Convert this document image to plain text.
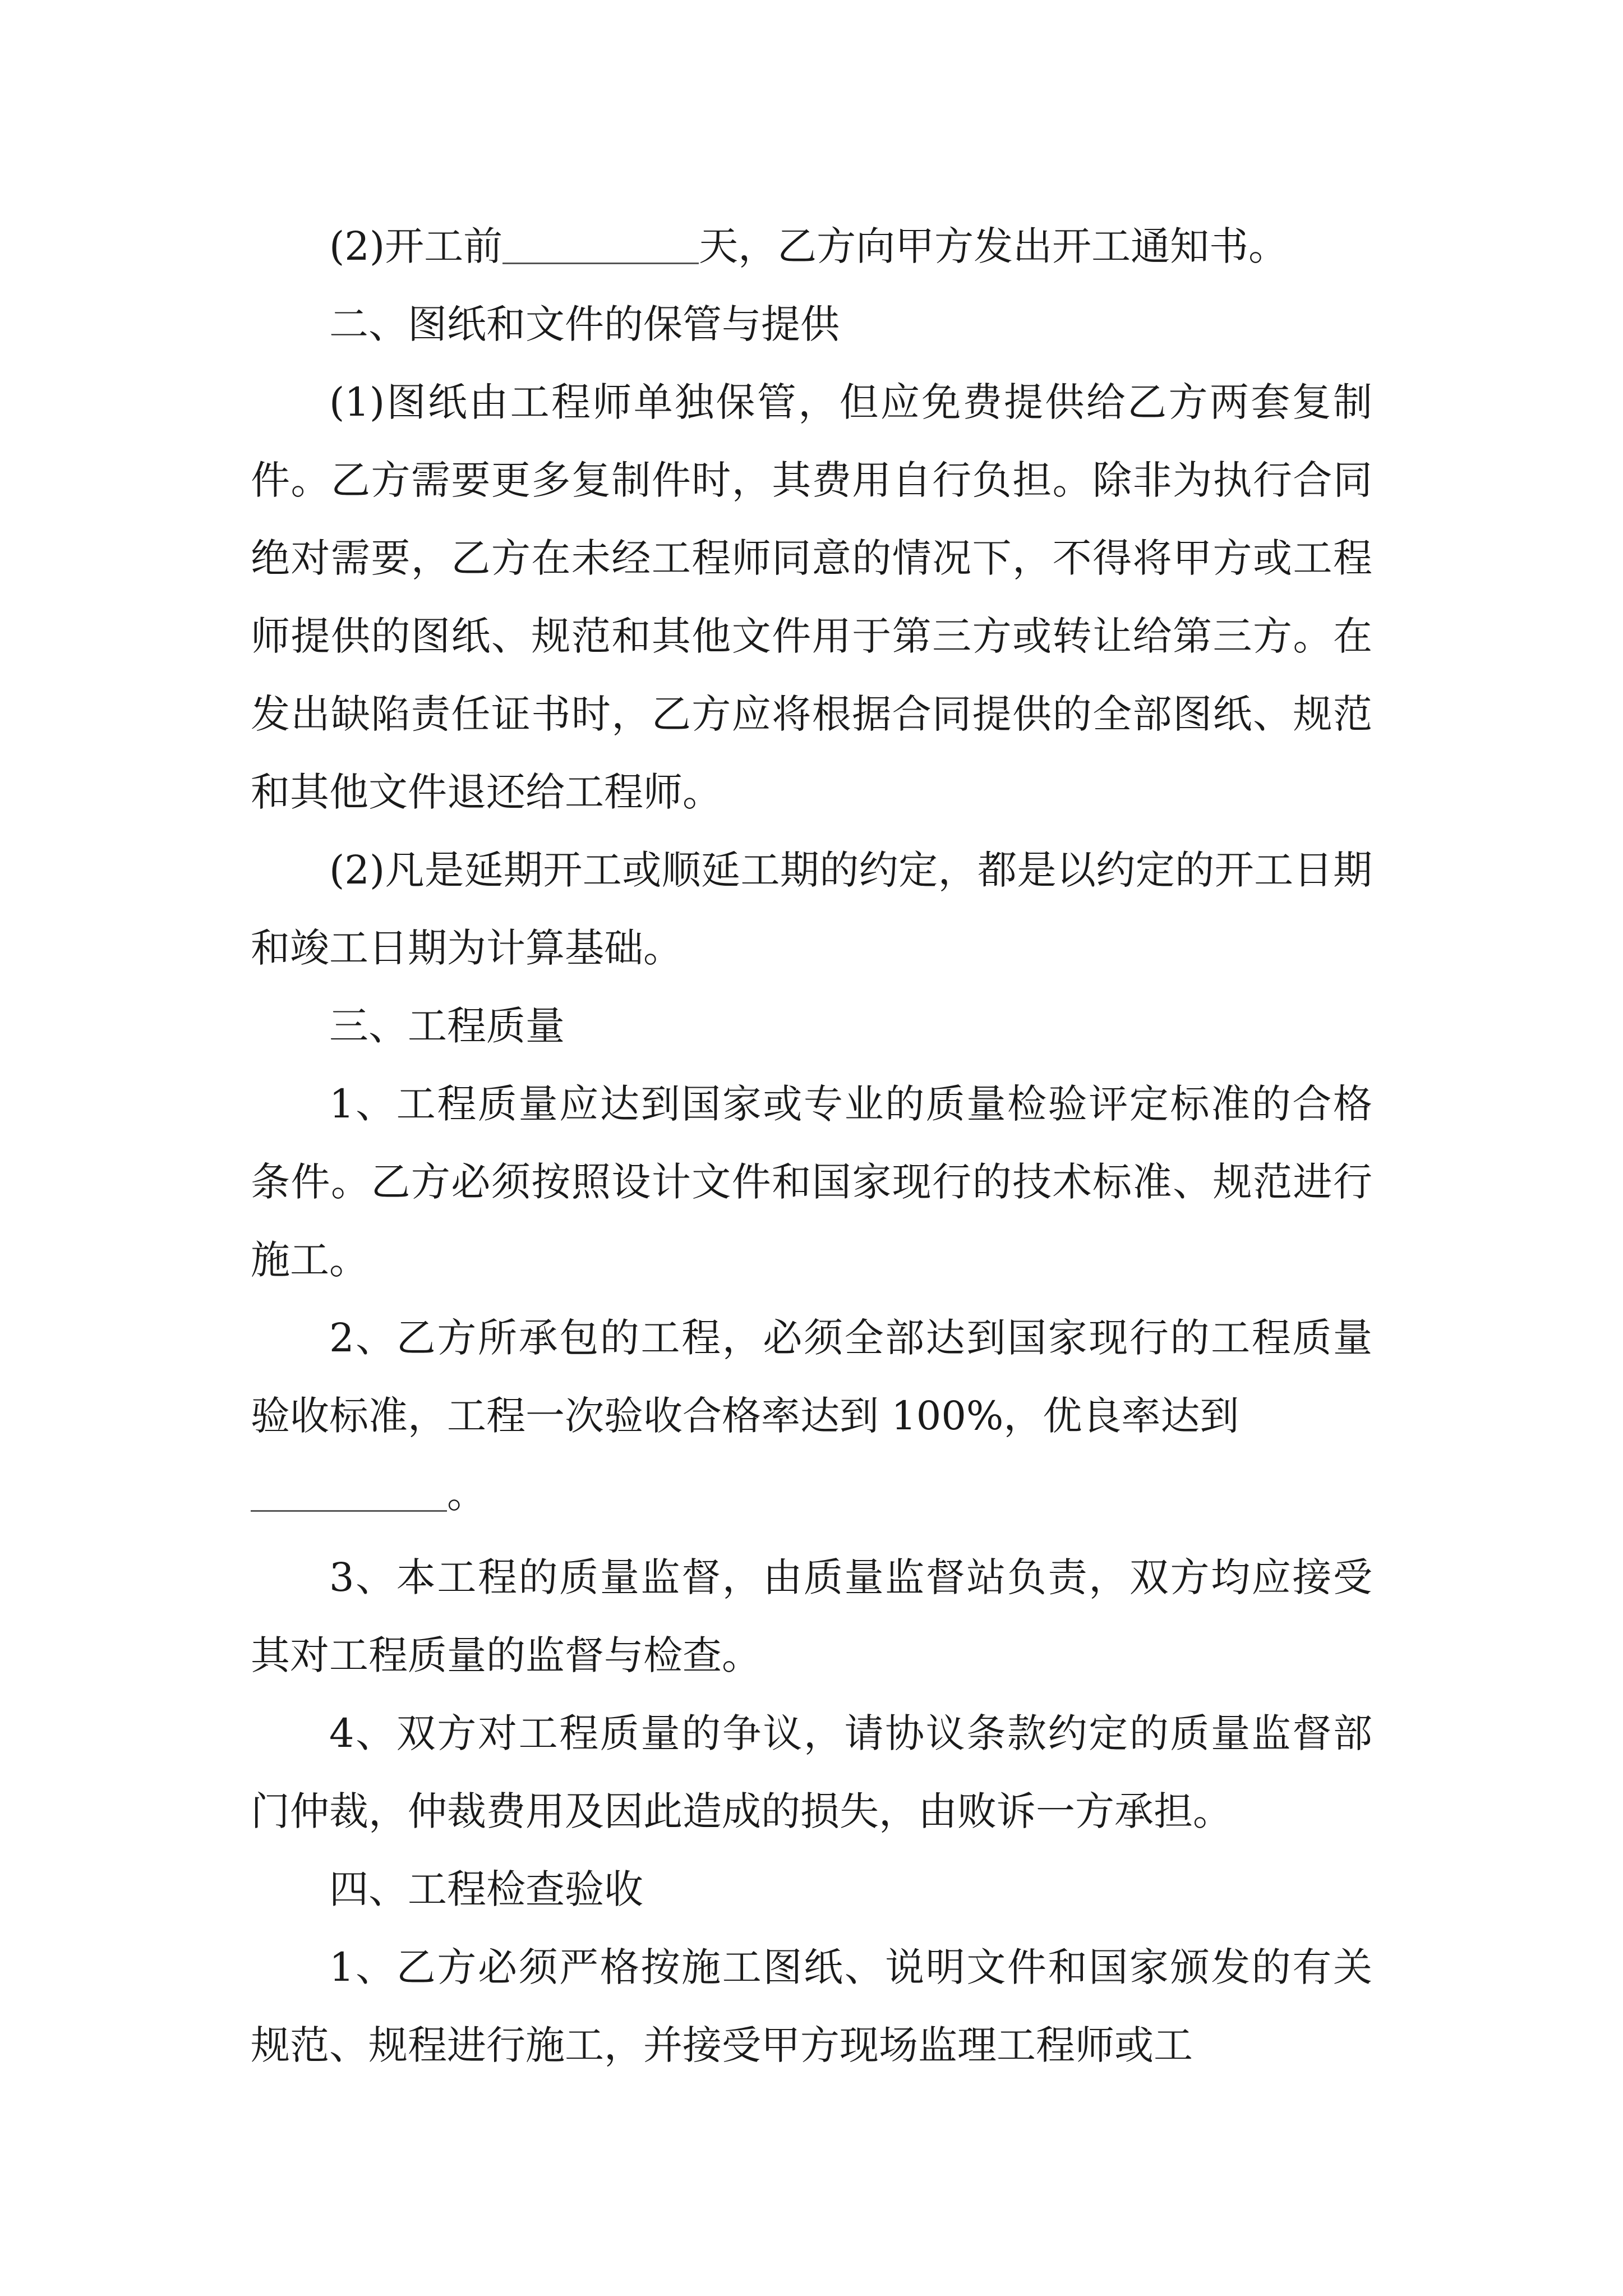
(2)开工前	天，乙方向甲方发出开工通知书。

二、图纸和文件的保管与提供

(1)图纸由工程师单独保管，但应免费提供给乙方两套复制件。乙方需要更多复制件时，其费用自行负担。除非为执行合同绝对需要，乙方在未经工程师同意的情况下，不得将甲方或工程师提供的图纸、规范和其他文件用于第三方或转让给第三方。在发出缺陷责任证书时，乙方应将根据合同提供的全部图纸、规范和其他文件退还给工程师。

(2)凡是延期开工或顺延工期的约定，都是以约定的开工日期和竣工日期为计算基础。

三、工程质量

1、工程质量应达到国家或专业的质量检验评定标准的合格条件。乙方必须按照设计文件和国家现行的技术标准、规范进行施工。

2、乙方所承包的工程，必须全部达到国家现行的工程质量验收标准，工程一次验收合格率达到 100%，优良率达到
。

3、本工程的质量监督，由质量监督站负责，双方均应接受其对工程质量的监督与检查。

4、双方对工程质量的争议，请协议条款约定的质量监督部门仲裁，仲裁费用及因此造成的损失，由败诉一方承担。

四、工程检查验收

1、乙方必须严格按施工图纸、说明文件和国家颁发的有关规范、规程进行施工，并接受甲方现场监理工程师或工
